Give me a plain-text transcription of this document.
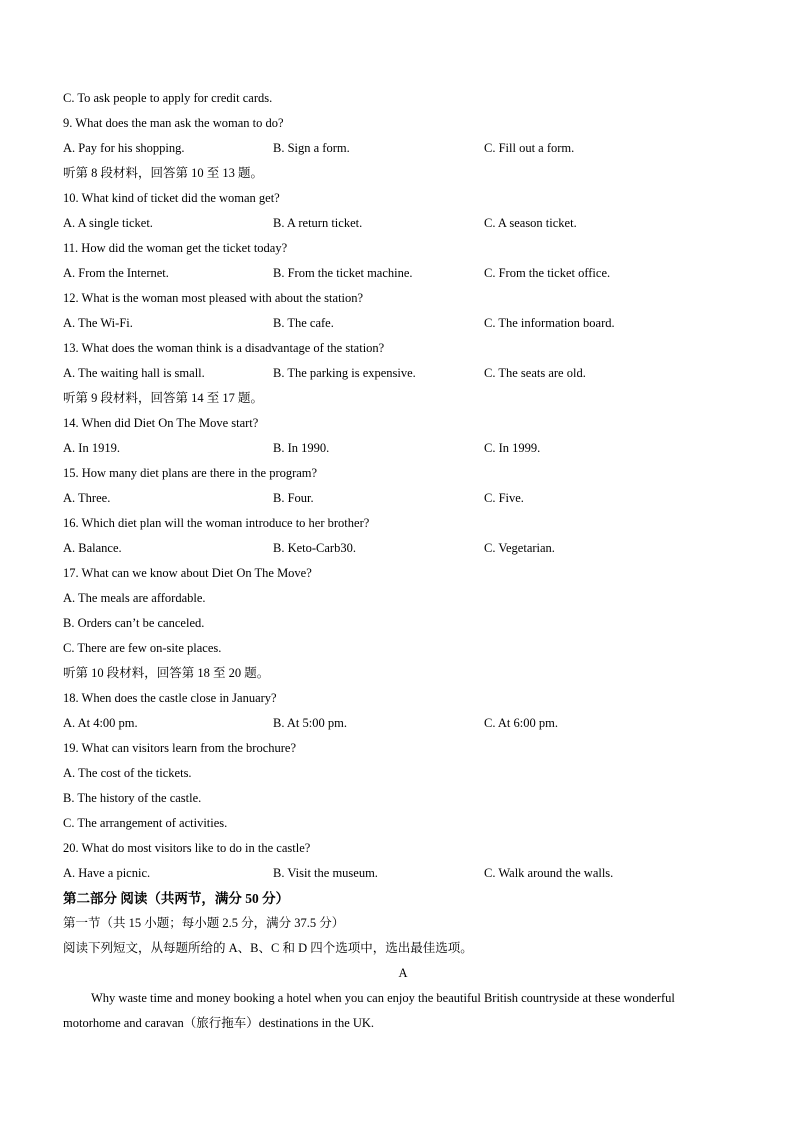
C. To ask people to apply for credit cards.
9. What does the man ask the woman to do?
A. Pay for his shopping.	B. Sign a form.	C. Fill out a form.
听第 8 段材料，回答第 10 至 13 题。
10. What kind of ticket did the woman get?
A. A single ticket.	B. A return ticket.	C. A season ticket.
11. How did the woman get the ticket today?
A. From the Internet.	B. From the ticket machine.	C. From the ticket office.
12. What is the woman most pleased with about the station?
A. The Wi-Fi.	B. The cafe.	C. The information board.
13. What does the woman think is a disadvantage of the station?
A. The waiting hall is small.	B. The parking is expensive.	C. The seats are old.
听第 9 段材料，回答第 14 至 17 题。
14. When did Diet On The Move start?
A. In 1919.	B. In 1990.	C. In 1999.
15. How many diet plans are there in the program?
A. Three.	B. Four.	C. Five.
16. Which diet plan will the woman introduce to her brother?
A. Balance.	B. Keto-Carb30.	C. Vegetarian.
17. What can we know about Diet On The Move?
A. The meals are affordable.
B. Orders can’t be canceled.
C. There are few on-site places.
听第 10 段材料，回答第 18 至 20 题。
18. When does the castle close in January?
A. At 4:00 pm.	B. At 5:00 pm.	C. At 6:00 pm.
19. What can visitors learn from the brochure?
A. The cost of the tickets.
B. The history of the castle.
C. The arrangement of activities.
20. What do most visitors like to do in the castle?
A. Have a picnic.	B. Visit the museum.	C. Walk around the walls.
第二部分 阅读（共两节，满分 50 分）
第一节（共 15 小题；每小题 2.5 分，满分 37.5 分）
阅读下列短文，从每题所给的 A、B、C 和 D 四个选项中，选出最佳选项。
A
Why waste time and money booking a hotel when you can enjoy the beautiful British countryside at these wonderful motorhome and caravan（旅行拖车）destinations in the UK.
